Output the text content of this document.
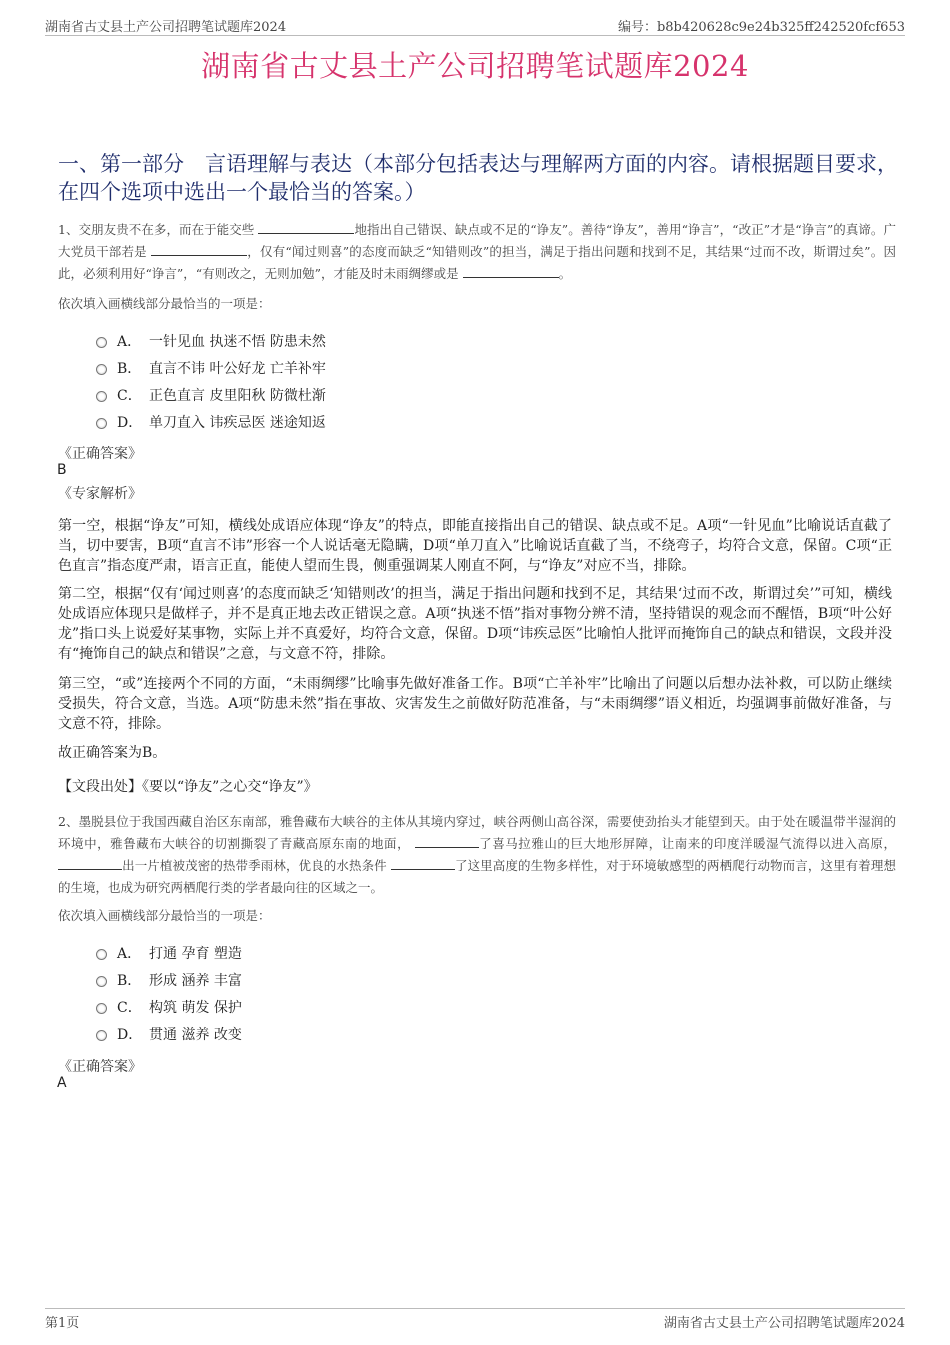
湖南省古丈县土产公司招聘笔试题库2024	编号：b8b420628c9e24b325ff242520fcf653
湖南省古丈县土产公司招聘笔试题库2024
一、第一部分　言语理解与表达（本部分包括表达与理解两方面的内容。请根据题目要求，在四个选项中选出一个最恰当的答案。）
1、交朋友贵不在多，而在于能交些	地指出自己错误、缺点或不足的“诤友”。善待“诤友”，善用“诤言”，“改正”才是“诤言”的真谛。广大党员干部若是	，仅有“闻过则喜”的态度而缺乏“知错则改”的担当，满足于指出问题和找到不足，其结果“过而不改，斯谓过矣”。因此，必须利用好“诤言”，“有则改之，无则加勉”，才能及时未雨绸缪或是	。
依次填入画横线部分最恰当的一项是：
A． 一针见血 执迷不悟 防患未然
B． 直言不讳 叶公好龙 亡羊补牢
C． 正色直言 皮里阳秋 防微杜渐
D． 单刀直入 讳疾忌医 迷途知返
《正确答案》
B
《专家解析》
第一空，根据“诤友”可知，横线处成语应体现“诤友”的特点，即能直接指出自己的错误、缺点或不足。A项“一针见血”比喻说话直截了当，切中要害，B项“直言不讳”形容一个人说话毫无隐瞒，D项“单刀直入”比喻说话直截了当，不绕弯子，均符合文意，保留。C项“正色直言”指态度严肃，语言正直，能使人望而生畏，侧重强调某人刚直不阿，与“诤友”对应不当，排除。
第二空，根据“仅有‘闻过则喜’的态度而缺乏‘知错则改’的担当，满足于指出问题和找到不足，其结果‘过而不改，斯谓过矣’”可知，横线处成语应体现只是做样子，并不是真正地去改正错误之意。A项“执迷不悟”指对事物分辨不清，坚持错误的观念而不醒悟，B项“叶公好龙”指口头上说爱好某事物，实际上并不真爱好，均符合文意，保留。D项“讳疾忌医”比喻怕人批评而掩饰自己的缺点和错误，文段并没有“掩饰自己的缺点和错误”之意，与文意不符，排除。
第三空，“或”连接两个不同的方面，“未雨绸缪”比喻事先做好准备工作。B项“亡羊补牢”比喻出了问题以后想办法补救，可以防止继续受损失，符合文意，当选。A项“防患未然”指在事故、灾害发生之前做好防范准备，与“未雨绸缪”语义相近，均强调事前做好准备，与文意不符，排除。
故正确答案为B。
【文段出处】《要以“诤友”之心交“诤友”》
2、墨脱县位于我国西藏自治区东南部，雅鲁藏布大峡谷的主体从其境内穿过，峡谷两侧山高谷深，需要使劲抬头才能望到天。由于处在暖温带半湿润的环境中，雅鲁藏布大峡谷的切割撕裂了青藏高原东南的地面，	了喜马拉雅山的巨大地形屏障，让南来的印度洋暖湿气流得以进入高原， 出一片植被茂密的热带季雨林，优良的水热条件	了这里高度的生物多样性，对于环境敏感型的两栖爬行动物而言，这里有着理想的生境，也成为研究两栖爬行类的学者最向往的区域之一。
依次填入画横线部分最恰当的一项是：
A． 打通 孕育 塑造
B． 形成 涵养 丰富
C． 构筑 萌发 保护
D． 贯通 滋养 改变
《正确答案》
A
第1页	湖南省古丈县土产公司招聘笔试题库2024
